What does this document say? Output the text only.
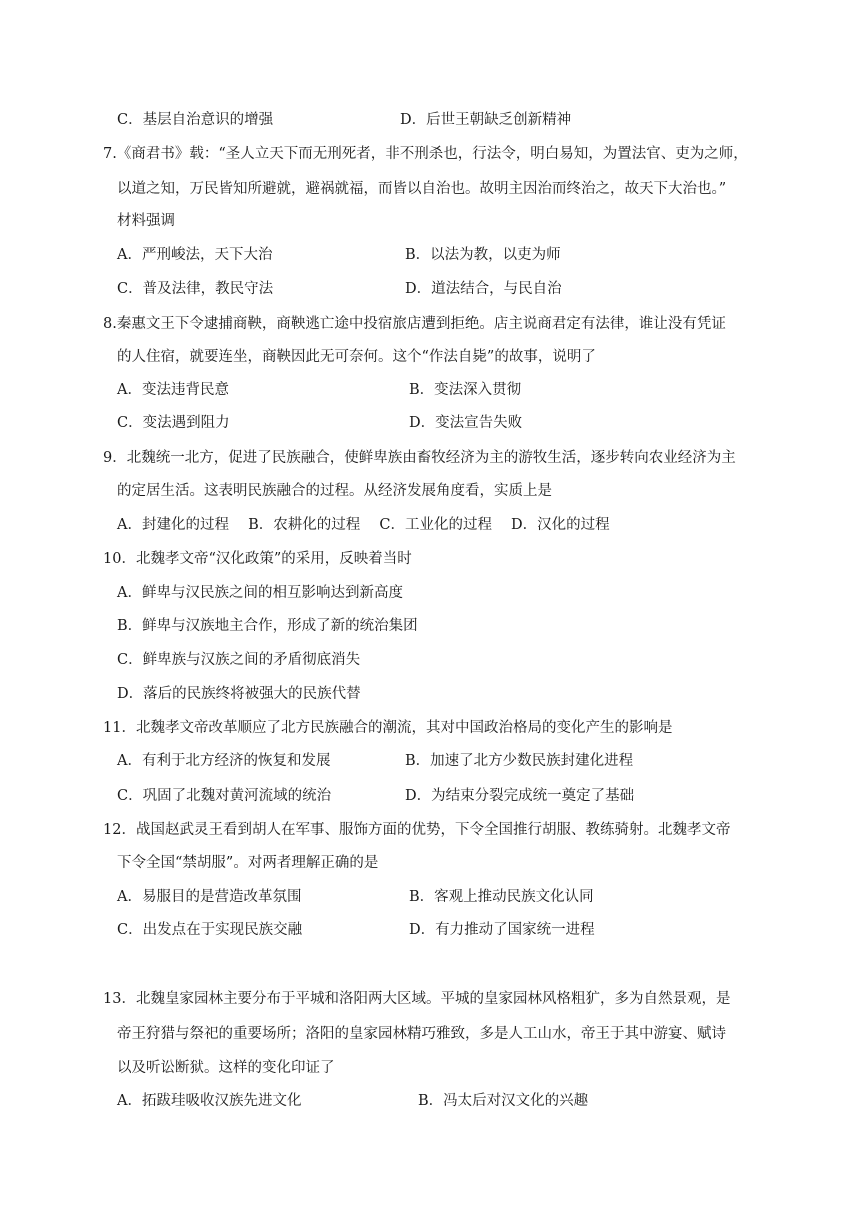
C．基层自治意识的增强	D．后世王朝缺乏创新精神
7.《商君书》载：“圣人立天下而无刑死者，非不刑杀也，行法令，明白易知，为置法官、吏为之师，
以道之知，万民皆知所避就，避祸就福，而皆以自治也。故明主因治而终治之，故天下大治也。”
材料强调
A．严刑峻法，天下大治	B．以法为教，以吏为师
C．普及法律，教民守法	D．道法结合，与民自治
8.秦惠文王下令逮捕商鞅，商鞅逃亡途中投宿旅店遭到拒绝。店主说商君定有法律，谁让没有凭证
的人住宿，就要连坐，商鞅因此无可奈何。这个“作法自毙”的故事，说明了
A．变法违背民意	B．变法深入贯彻
C．变法遇到阻力	D．变法宣告失败
9．北魏统一北方，促进了民族融合，使鲜卑族由畜牧经济为主的游牧生活，逐步转向农业经济为主
的定居生活。这表明民族融合的过程。从经济发展角度看，实质上是
A．封建化的过程　 B．农耕化的过程　 C．工业化的过程　 D．汉化的过程
10．北魏孝文帝“汉化政策”的采用，反映着当时
A．鲜卑与汉民族之间的相互影响达到新高度
B．鲜卑与汉族地主合作，形成了新的统治集团
C．鲜卑族与汉族之间的矛盾彻底消失
D．落后的民族终将被强大的民族代替
11．北魏孝文帝改革顺应了北方民族融合的潮流，其对中国政治格局的变化产生的影响是
A．有利于北方经济的恢复和发展	B．加速了北方少数民族封建化进程
C．巩固了北魏对黄河流域的统治	D．为结束分裂完成统一奠定了基础
12．战国赵武灵王看到胡人在军事、服饰方面的优势，下令全国推行胡服、教练骑射。北魏孝文帝
下令全国“禁胡服”。对两者理解正确的是
A．易服目的是营造改革氛围	B．客观上推动民族文化认同
C．出发点在于实现民族交融	D．有力推动了国家统一进程
13．北魏皇家园林主要分布于平城和洛阳两大区域。平城的皇家园林风格粗犷，多为自然景观，是
帝王狩猎与祭祀的重要场所；洛阳的皇家园林精巧雅致，多是人工山水，帝王于其中游宴、赋诗
以及听讼断狱。这样的变化印证了
A．拓跋珪吸收汉族先进文化	B．冯太后对汉文化的兴趣
